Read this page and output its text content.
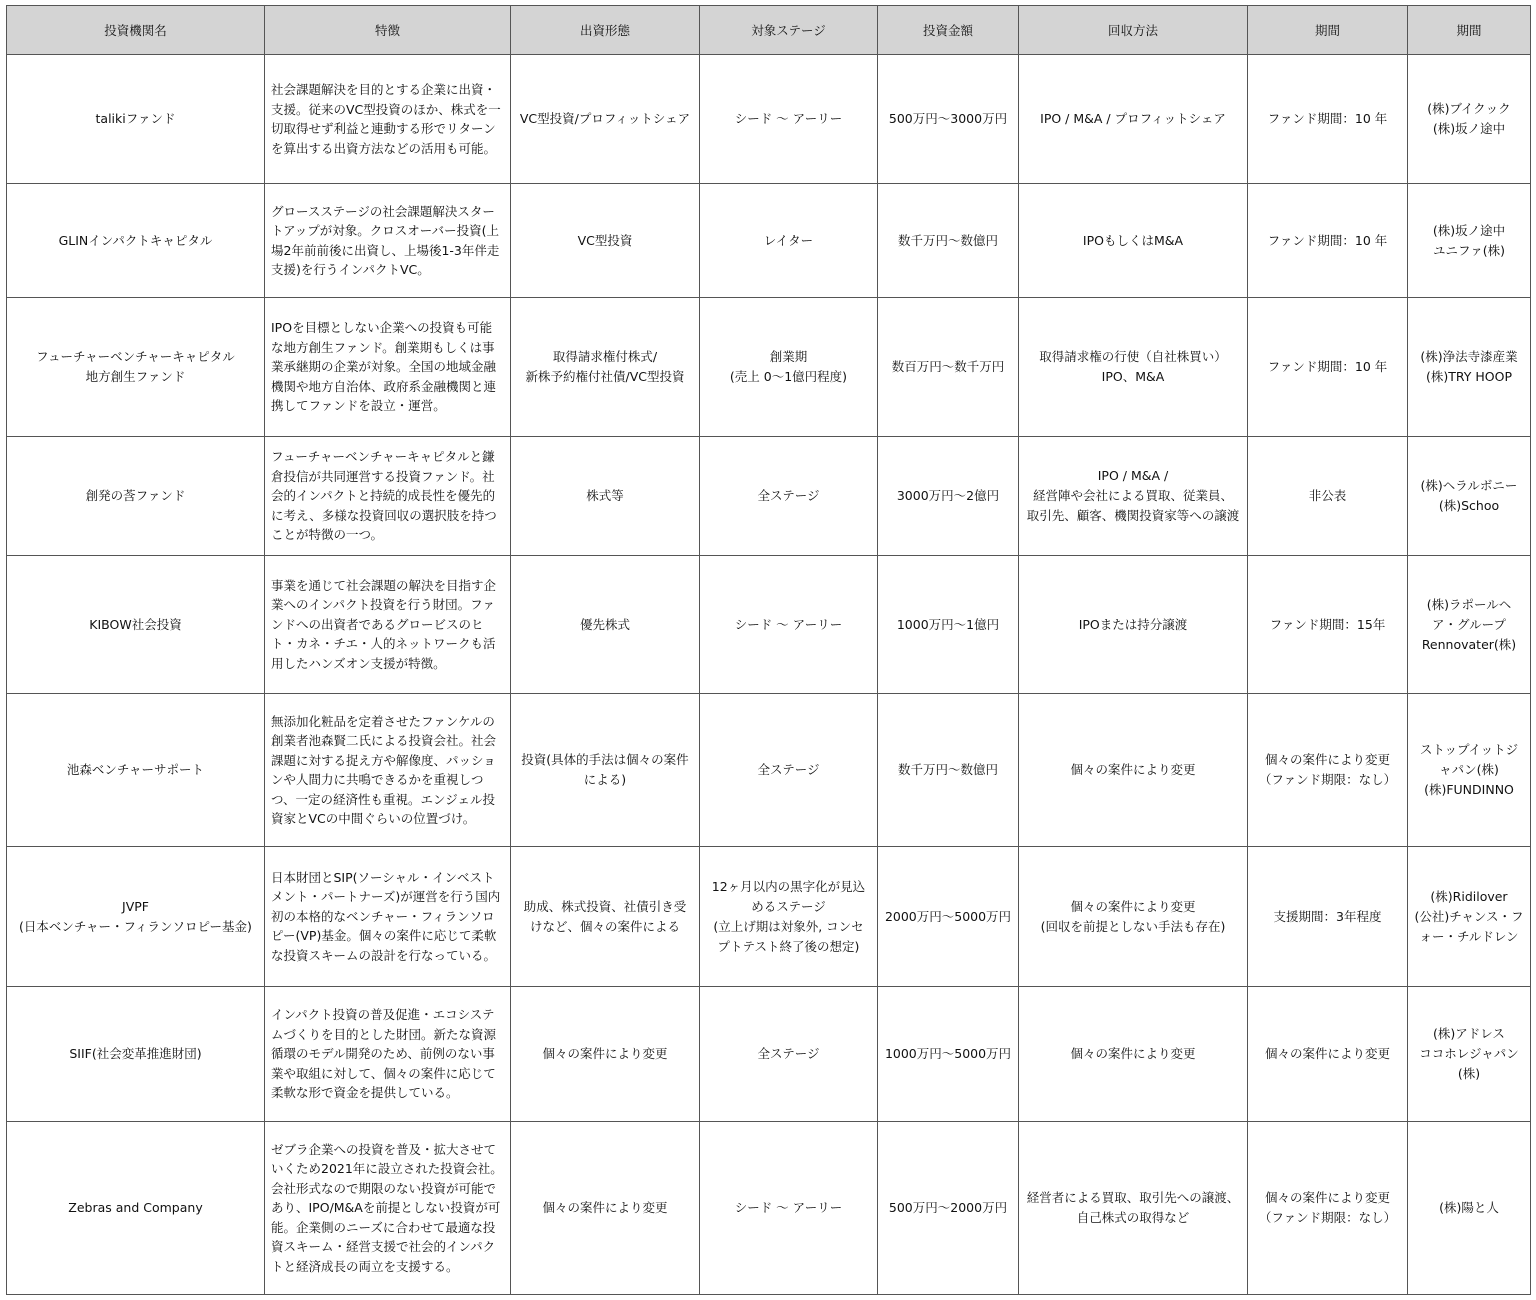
投資機関名	特徴	出資形態	対象ステージ	投資金額	回収方法	期間	期間
talikiファンド	社会課題解決を目的とする企業に出資・支援。従来のVC型投資のほか、株式を一切取得せず利益と連動する形でリターンを算出する出資方法などの活用も可能。	VC型投資/プロフィットシェア	シード 〜 アーリー	500万円〜3000万円	IPO / M&A / プロフィットシェア	ファンド期間：10 年	(株)ブイクック
(株)坂ノ途中
GLINインパクトキャピタル	グロースステージの社会課題解決スタートアップが対象。クロスオーバー投資(上場2年前前後に出資し、上場後1-3年伴走支援)を行うインパクトVC。	VC型投資	レイター	数千万円〜数億円	IPOもしくはM&A	ファンド期間：10 年	(株)坂ノ途中
ユニファ(株)
フューチャーベンチャーキャピタル
地方創生ファンド	IPOを目標としない企業への投資も可能な地方創生ファンド。創業期もしくは事業承継期の企業が対象。全国の地域金融機関や地方自治体、政府系金融機関と連携してファンドを設立・運営。	取得請求権付株式/
新株予約権付社債/VC型投資	創業期
(売上 0〜1億円程度)	数百万円〜数千万円	取得請求権の行使（自社株買い）
IPO、M&A	ファンド期間：10 年	(株)浄法寺漆産業
(株)TRY HOOP
創発の莟ファンド	フューチャーベンチャーキャピタルと鎌倉投信が共同運営する投資ファンド。社会的インパクトと持続的成長性を優先的に考え、多様な投資回収の選択肢を持つことが特徴の一つ。	株式等	全ステージ	3000万円〜2億円	IPO / M&A /
経営陣や会社による買取、従業員、
取引先、顧客、機関投資家等への譲渡	非公表	(株)ヘラルボニー
(株)Schoo
KIBOW社会投資	事業を通じて社会課題の解決を目指す企業へのインパクト投資を行う財団。ファンドへの出資者であるグロービスのヒト・カネ・チエ・人的ネットワークも活用したハンズオン支援が特徴。	優先株式	シード 〜 アーリー	1000万円〜1億円	IPOまたは持分譲渡	ファンド期間：15年	(株)ラポールヘ
ア・グループ
Rennovater(株)
池森ベンチャーサポート	無添加化粧品を定着させたファンケルの創業者池森賢二氏による投資会社。社会課題に対する捉え方や解像度、パッションや人間力に共鳴できるかを重視しつつ、一定の経済性も重視。エンジェル投資家とVCの中間ぐらいの位置づけ。	投資(具体的手法は個々の案件
による)	全ステージ	数千万円〜数億円	個々の案件により変更	個々の案件により変更
（ファンド期限：なし）	ストップイットジ
ャパン(株)
(株)FUNDINNO
JVPF
(日本ベンチャー・フィランソロピー基金)	日本財団とSIP(ソーシャル・インベストメント・パートナーズ)が運営を行う国内初の本格的なベンチャー・フィランソロピー(VP)基金。個々の案件に応じて柔軟な投資スキームの設計を行なっている。	助成、株式投資、社債引き受
けなど、個々の案件による	12ヶ月以内の黒字化が見込
めるステージ
(立上げ期は対象外, コンセ
プトテスト終了後の想定)	2000万円〜5000万円	個々の案件により変更
(回収を前提としない手法も存在)	支援期間：3年程度	(株)Ridilover
(公社)チャンス・フ
ォー・チルドレン
SIIF(社会変革推進財団)	インパクト投資の普及促進・エコシステムづくりを目的とした財団。新たな資源循環のモデル開発のため、前例のない事業や取組に対して、個々の案件に応じて柔軟な形で資金を提供している。	個々の案件により変更	全ステージ	1000万円〜5000万円	個々の案件により変更	個々の案件により変更	(株)アドレス
ココホレジャパン
(株)
Zebras and Company	ゼブラ企業への投資を普及・拡大させていくため2021年に設立された投資会社。会社形式なので期限のない投資が可能であり、IPO/M&Aを前提としない投資が可能。企業側のニーズに合わせて最適な投資スキーム・経営支援で社会的インパクトと経済成長の両立を支援する。	個々の案件により変更	シード 〜 アーリー	500万円〜2000万円	経営者による買取、取引先への譲渡、
自己株式の取得など	個々の案件により変更
（ファンド期限：なし）	(株)陽と人
